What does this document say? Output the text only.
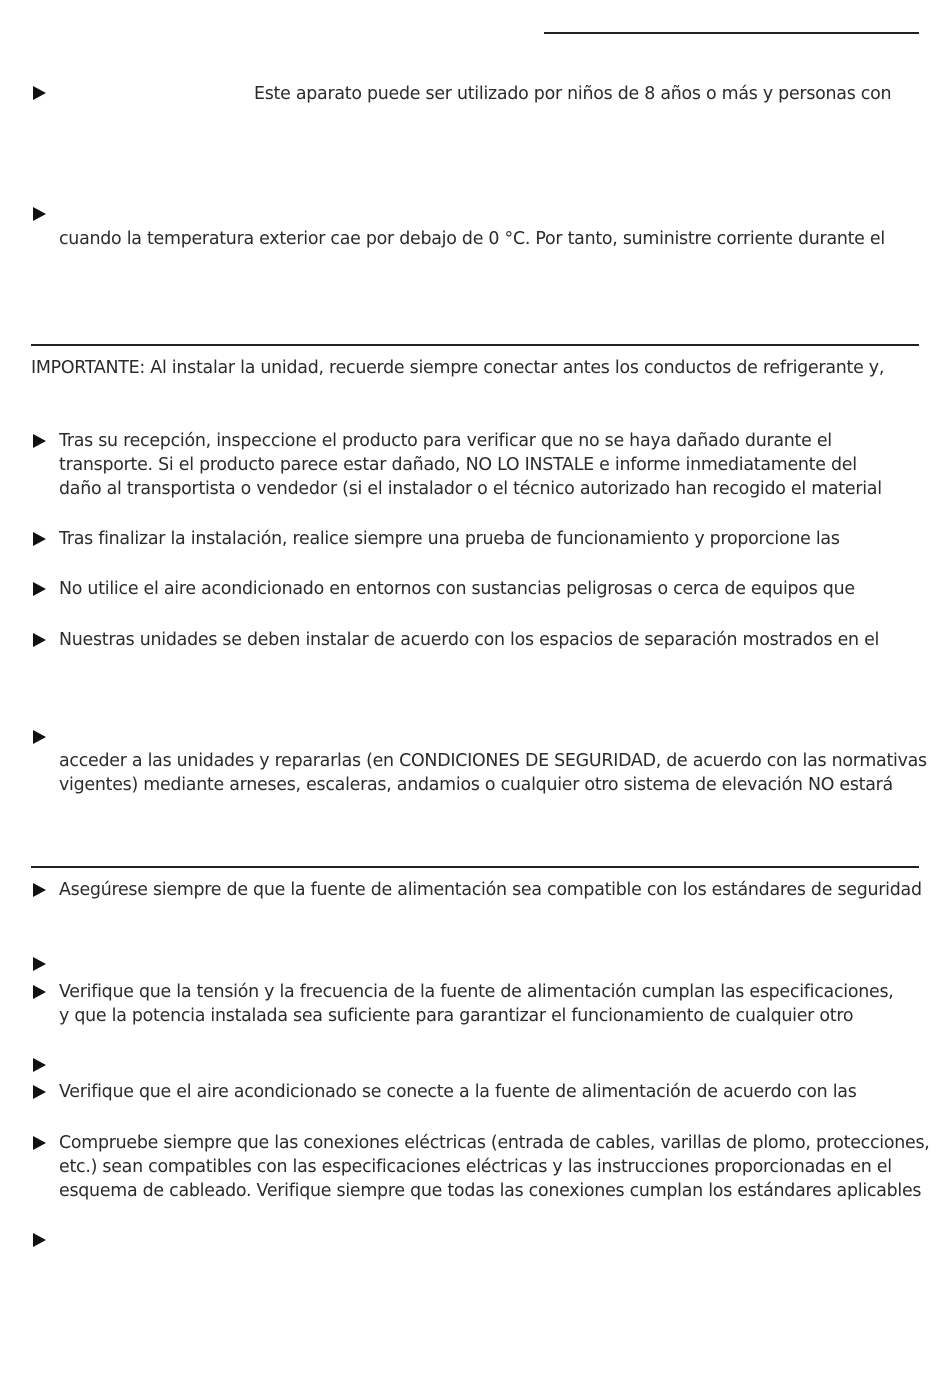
Este aparato puede ser utilizado por niños de 8 años o más y personas con
cuando la temperatura exterior cae por debajo de 0 °C. Por tanto, suministre corriente durante el
IMPORTANTE: Al instalar la unidad, recuerde siempre conectar antes los conductos de refrigerante y,
Tras su recepción, inspeccione el producto para verificar que no se haya dañado durante el
transporte. Si el producto parece estar dañado, NO LO INSTALE e informe inmediatamente del
daño al transportista o vendedor (si el instalador o el técnico autorizado han recogido el material
Tras finalizar la instalación, realice siempre una prueba de funcionamiento y proporcione las
No utilice el aire acondicionado en entornos con sustancias peligrosas o cerca de equipos que
Nuestras unidades se deben instalar de acuerdo con los espacios de separación mostrados en el
acceder a las unidades y repararlas (en CONDICIONES DE SEGURIDAD, de acuerdo con las normativas
vigentes) mediante arneses, escaleras, andamios o cualquier otro sistema de elevación NO estará
Asegúrese siempre de que la fuente de alimentación sea compatible con los estándares de seguridad
Verifique que la tensión y la frecuencia de la fuente de alimentación cumplan las especificaciones,
y que la potencia instalada sea suficiente para garantizar el funcionamiento de cualquier otro
Verifique que el aire acondicionado se conecte a la fuente de alimentación de acuerdo con las
Compruebe siempre que las conexiones eléctricas (entrada de cables, varillas de plomo, protecciones,
etc.) sean compatibles con las especificaciones eléctricas y las instrucciones proporcionadas en el
esquema de cableado. Verifique siempre que todas las conexiones cumplan los estándares aplicables
